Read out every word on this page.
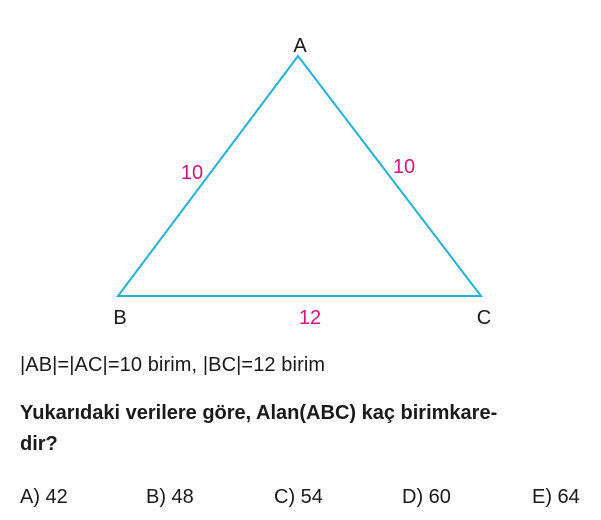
A
B	C
10	10
12
|AB|=|AC|=10 birim, |BC|=12 birim
Yukarıdaki verilere göre, Alan(ABC) kaç birimkare-
dir?
A) 42	B) 48	C) 54	D) 60	E) 64
